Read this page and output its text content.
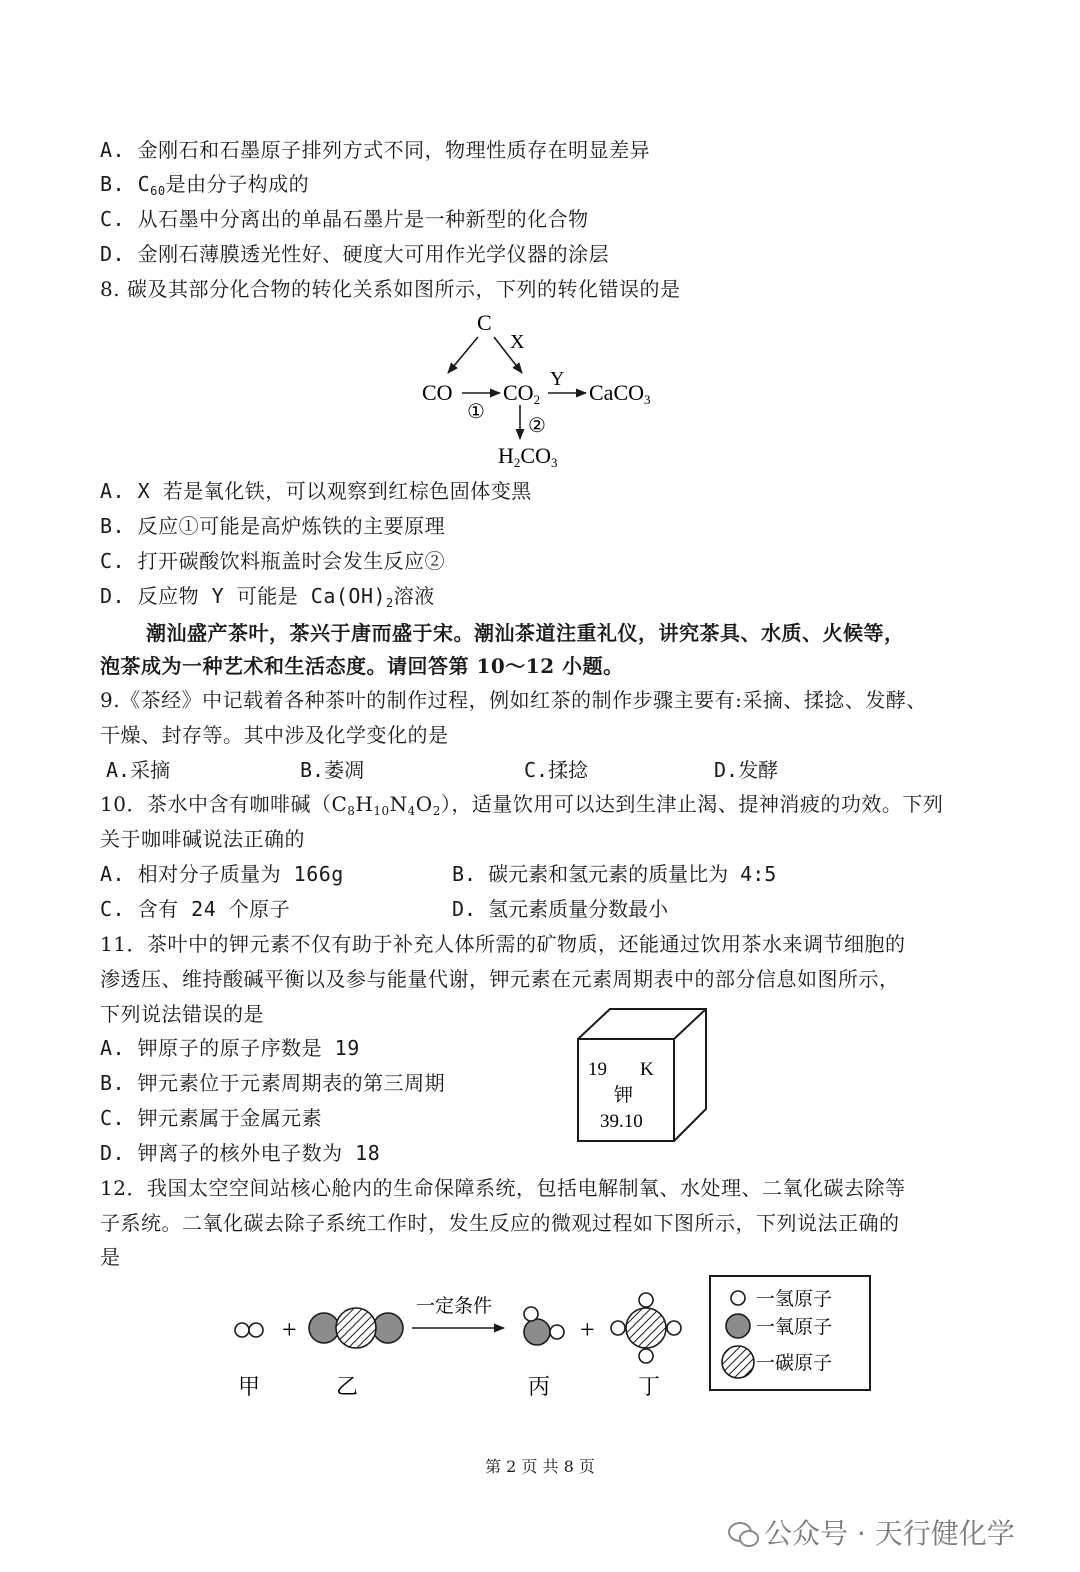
A. 金刚石和石墨原子排列方式不同，物理性质存在明显差异
B. $C_{60}$是由分子构成的
C. 从石墨中分离出的单晶石墨片是一种新型的化合物
D. 金刚石薄膜透光性好、硬度大可用作光学仪器的涂层
8. 碳及其部分化合物的转化关系如图所示，下列的转化错误的是
C
X
CO
①
CO2
Y
CaCO3
②
H2CO3
A. X 若是氧化铁，可以观察到红棕色固体变黑
B. 反应①可能是高炉炼铁的主要原理
C. 打开碳酸饮料瓶盖时会发生反应②
D. 反应物 Y 可能是 $Ca(OH)_2$溶液
潮汕盛产茶叶，茶兴于唐而盛于宋。潮汕茶道注重礼仪，讲究茶具、水质、火候等，
泡茶成为一种艺术和生活态度。请回答第 10～12 小题。
9.《茶经》中记载着各种茶叶的制作过程，例如红茶的制作步骤主要有:采摘、揉捻、发酵、
干燥、封存等。其中涉及化学变化的是
A.采摘	B.萎凋	C.揉捻	D.发酵
10．茶水中含有咖啡碱$(C_8H_{10}N_4O_2)$，适量饮用可以达到生津止渴、提神消疲的功效。下列
关于咖啡碱说法正确的
A. 相对分子质量为 166g	B. 碳元素和氢元素的质量比为 4:5
C. 含有 24 个原子	D. 氢元素质量分数最小
11．茶叶中的钾元素不仅有助于补充人体所需的矿物质，还能通过饮用茶水来调节细胞的
渗透压、维持酸碱平衡以及参与能量代谢，钾元素在元素周期表中的部分信息如图所示，
下列说法错误的是
A. 钾原子的原子序数是 19
B. 钾元素位于元素周期表的第三周期
C. 钾元素属于金属元素
D. 钾离子的核外电子数为 18
19 K
钾
39.10
12．我国太空空间站核心舱内的生命保障系统，包括电解制氧、水处理、二氧化碳去除等
子系统。二氧化碳去除子系统工作时，发生反应的微观过程如下图所示，下列说法正确的
是
+
一定条件
+
甲	乙	丙	丁
一氢原子
一氧原子
一碳原子
第 2 页 共 8 页
公众号 · 天行健化学
